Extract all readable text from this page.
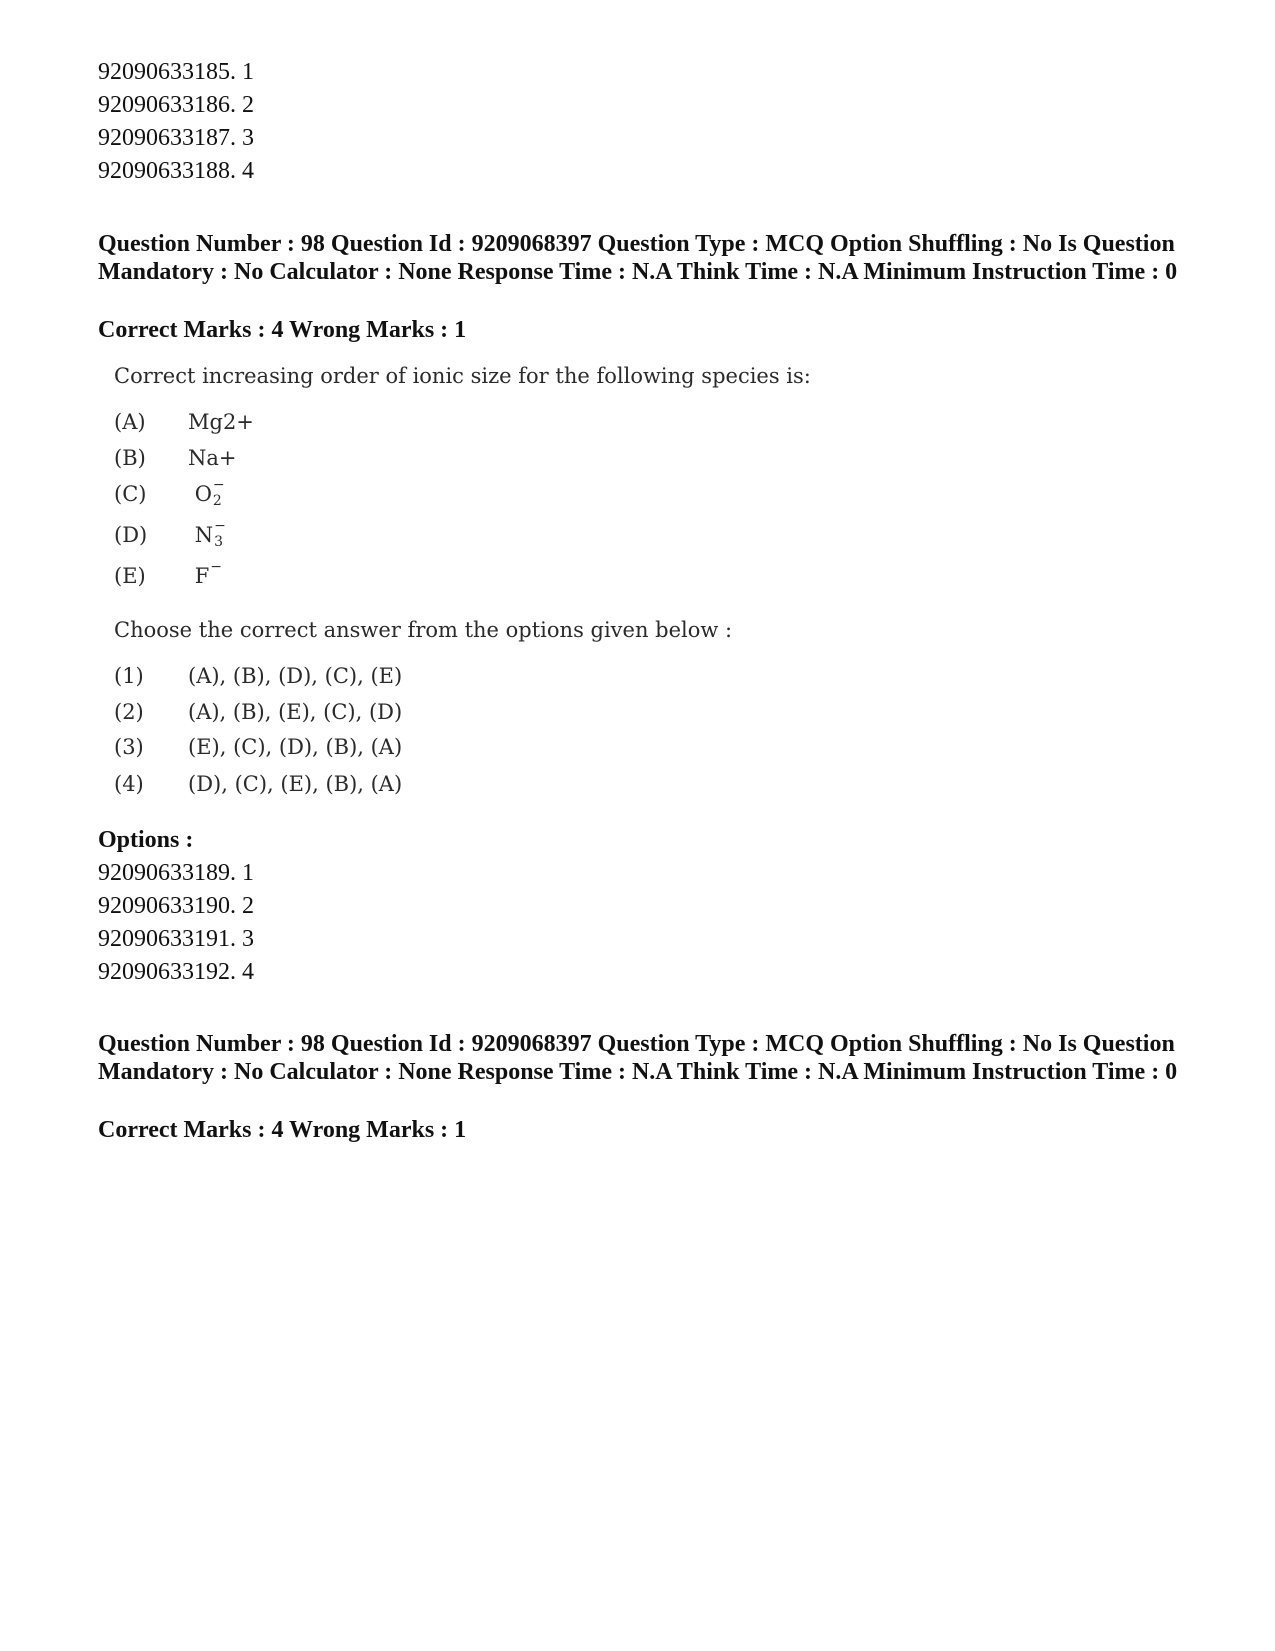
92090633185. 1
92090633186. 2
92090633187. 3
92090633188. 4
Question Number : 98 Question Id : 9209068397 Question Type : MCQ Option Shuffling : No Is Question Mandatory : No Calculator : None Response Time : N.A Think Time : N.A Minimum Instruction Time : 0
Correct Marks : 4 Wrong Marks : 1
Correct increasing order of ionic size for the following species is:
(A) Mg2+
(B) Na+
(C) O −
2
(D) N −
3
(E) F −
Choose the correct answer from the options given below :
(1) (A), (B), (D), (C), (E)
(2) (A), (B), (E), (C), (D)
(3) (E), (C), (D), (B), (A)
(4) (D), (C), (E), (B), (A)
Options :
92090633189. 1
92090633190. 2
92090633191. 3
92090633192. 4
Question Number : 98 Question Id : 9209068397 Question Type : MCQ Option Shuffling : No Is Question Mandatory : No Calculator : None Response Time : N.A Think Time : N.A Minimum Instruction Time : 0
Correct Marks : 4 Wrong Marks : 1
